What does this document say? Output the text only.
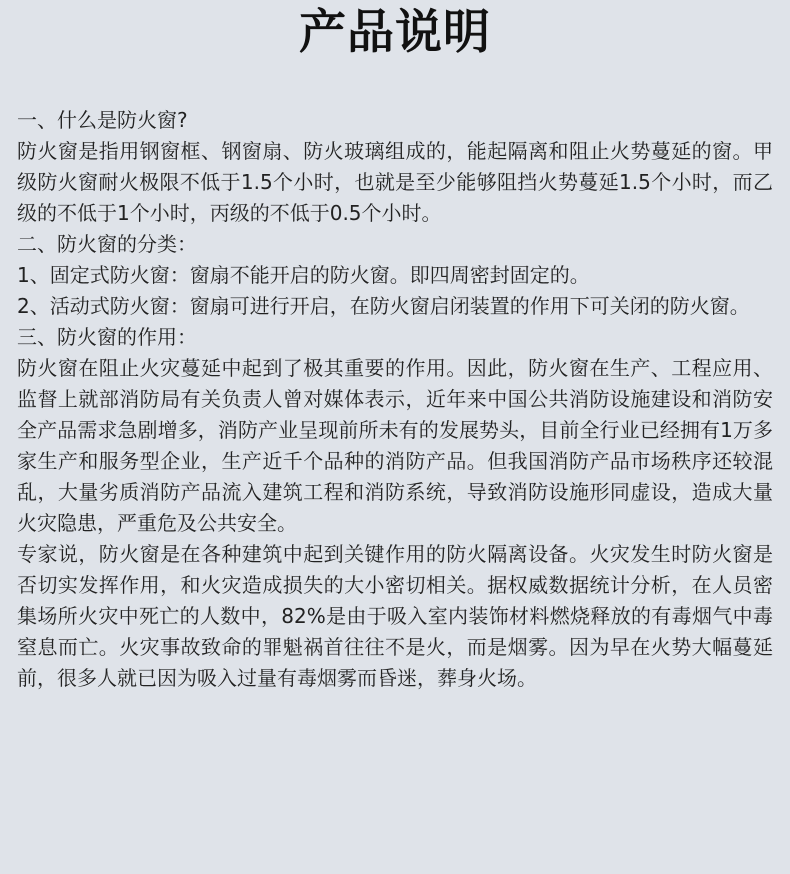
产品说明

一、什么是防火窗?

防火窗是指用钢窗框、钢窗扇、防火玻璃组成的，能起隔离和阻止火势蔓延的窗。甲级防火窗耐火极限不低于1.5个小时，也就是至少能够阻挡火势蔓延1.5个小时，而乙级的不低于1个小时，丙级的不低于0.5个小时。

二、防火窗的分类：

1、固定式防火窗：窗扇不能开启的防火窗。即四周密封固定的。

2、活动式防火窗：窗扇可进行开启，在防火窗启闭装置的作用下可关闭的防火窗。

三、防火窗的作用：

防火窗在阻止火灾蔓延中起到了极其重要的作用。因此，防火窗在生产、工程应用、监督上就部消防局有关负责人曾对媒体表示，近年来中国公共消防设施建设和消防安全产品需求急剧增多，消防产业呈现前所未有的发展势头，目前全行业已经拥有1万多家生产和服务型企业，生产近千个品种的消防产品。但我国消防产品市场秩序还较混乱，大量劣质消防产品流入建筑工程和消防系统，导致消防设施形同虚设，造成大量火灾隐患，严重危及公共安全。

专家说，防火窗是在各种建筑中起到关键作用的防火隔离设备。火灾发生时防火窗是否切实发挥作用，和火灾造成损失的大小密切相关。据权威数据统计分析，在人员密集场所火灾中死亡的人数中，82%是由于吸入室内装饰材料燃烧释放的有毒烟气中毒窒息而亡。火灾事故致命的罪魁祸首往往不是火，而是烟雾。因为早在火势大幅蔓延前，很多人就已因为吸入过量有毒烟雾而昏迷，葬身火场。
